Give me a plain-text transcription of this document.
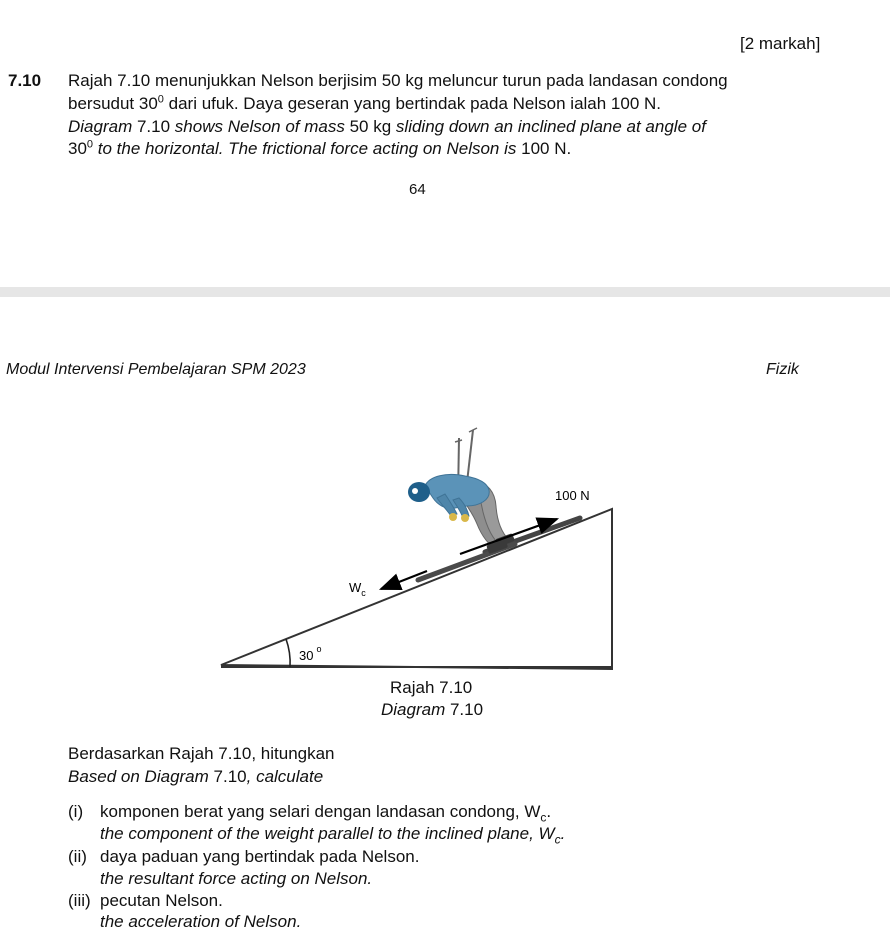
[2 markah]
7.10 Rajah 7.10 menunjukkan Nelson berjisim 50 kg meluncur turun pada landasan condong
bersudut $30^0$ dari ufuk. Daya geseran yang bertindak pada Nelson ialah 100 N.
Diagram 7.10 shows Nelson of mass 50 kg sliding down an inclined plane at angle of
$30^0$ to the horizontal. The frictional force acting on Nelson is 100 N.
64
Modul Intervensi Pembelajaran SPM 2023	Fizik
100 N
$W_c$
30 $^o$
Rajah 7.10
Diagram 7.10
Berdasarkan Rajah 7.10, hitungkan
Based on Diagram 7.10, calculate
(i) komponen berat yang selari dengan landasan condong, $W_c$.
the component of the weight parallel to the inclined plane, $W_c$.
(ii) daya paduan yang bertindak pada Nelson.
the resultant force acting on Nelson.
(iii) pecutan Nelson.
the acceleration of Nelson.
